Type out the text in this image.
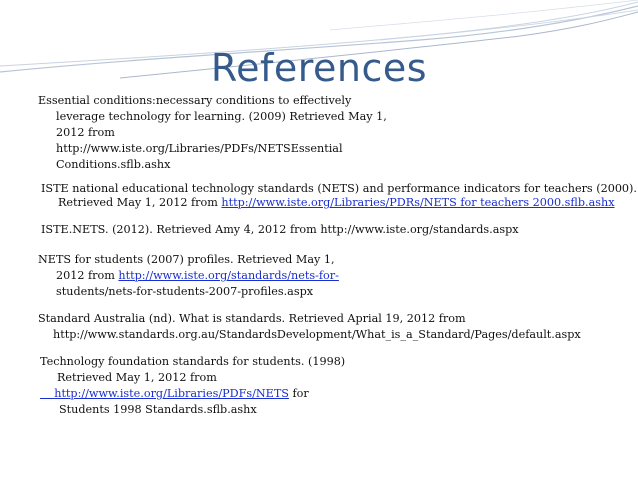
References
Essential conditions:necessary conditions to effectively
leverage technology for learning. (2009) Retrieved May 1,
2012 from
http://www.iste.org/Libraries/PDFs/NETSEssential
Conditions.sflb.ashx
ISTE national educational technology standards (NETS) and performance indicators for teachers (2000).
Retrieved May 1, 2012 from http://www.iste.org/Libraries/PDRs/NETS for teachers 2000.sflb.ashx
ISTE.NETS. (2012). Retrieved Amy 4, 2012 from http://www.iste.org/standards.aspx
NETS for students (2007) profiles. Retrieved May 1,
2012 from http://www.iste.org/standards/nets-for-
students/nets-for-students-2007-profiles.aspx
Standard Australia (nd). What is standards. Retrieved Aprial 19, 2012 from
http://www.standards.org.au/StandardsDevelopment/What_is_a_Standard/Pages/default.aspx
Technology foundation standards for students. (1998)
Retrieved May 1, 2012 from
http://www.iste.org/Libraries/PDFs/NETS for
Students 1998 Standards.sflb.ashx
